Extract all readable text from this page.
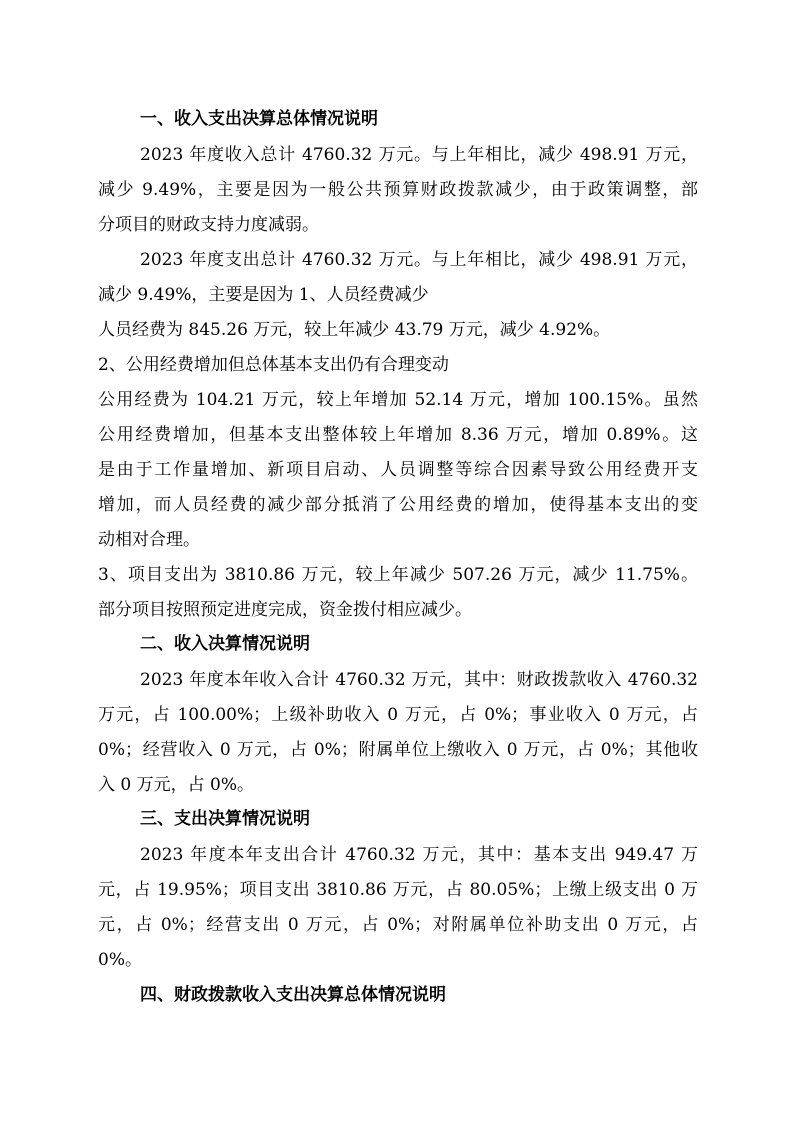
一、收入支出决算总体情况说明
2023 年度收入总计 4760.32 万元。与上年相比，减少 498.91 万元，
减少 9.49%，主要是因为一般公共预算财政拨款减少，由于政策调整，部
分项目的财政支持力度减弱。
2023 年度支出总计 4760.32 万元。与上年相比，减少 498.91 万元，
减少 9.49%，主要是因为 1、人员经费减少
人员经费为 845.26 万元，较上年减少 43.79 万元，减少 4.92%。
2、公用经费增加但总体基本支出仍有合理变动
公用经费为 104.21 万元，较上年增加 52.14 万元，增加 100.15%。虽然
公用经费增加，但基本支出整体较上年增加 8.36 万元，增加 0.89%。这
是由于工作量增加、新项目启动、人员调整等综合因素导致公用经费开支
增加，而人员经费的减少部分抵消了公用经费的增加，使得基本支出的变
动相对合理。
3、项目支出为 3810.86 万元，较上年减少 507.26 万元，减少 11.75%。
部分项目按照预定进度完成，资金拨付相应减少。
二、收入决算情况说明
2023 年度本年收入合计 4760.32 万元，其中：财政拨款收入 4760.32
万元，占 100.00%；上级补助收入 0 万元，占 0%；事业收入 0 万元，占
0%；经营收入 0 万元，占 0%；附属单位上缴收入 0 万元，占 0%；其他收
入 0 万元，占 0%。
三、支出决算情况说明
2023 年度本年支出合计 4760.32 万元，其中：基本支出 949.47 万
元，占 19.95%；项目支出 3810.86 万元，占 80.05%；上缴上级支出 0 万
元，占 0%；经营支出 0 万元，占 0%；对附属单位补助支出 0 万元，占
0%。
四、财政拨款收入支出决算总体情况说明
